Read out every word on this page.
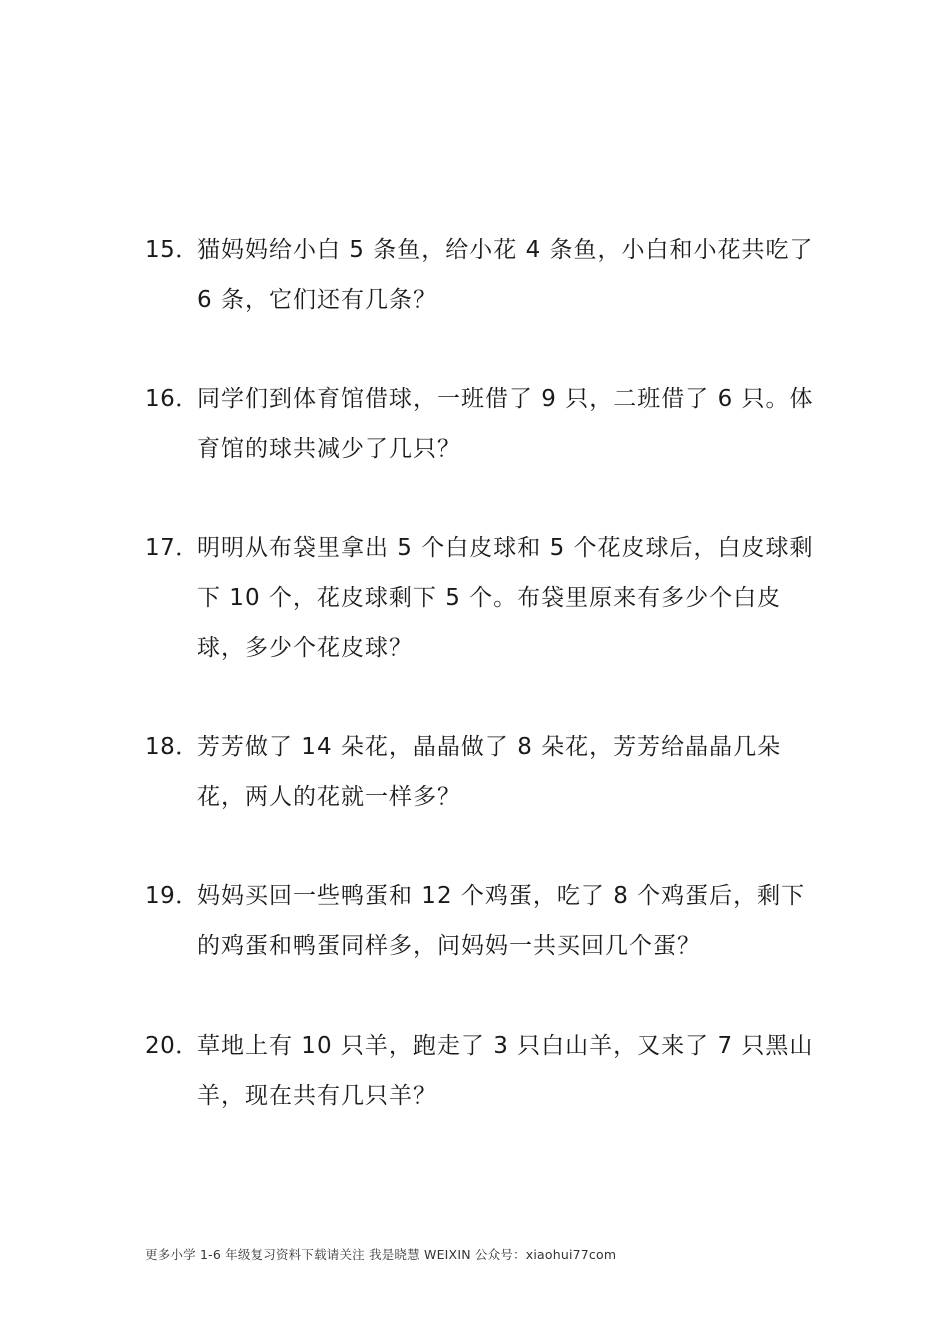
15．
猫妈妈给小白 5 条鱼，给小花 4 条鱼，小白和小花共吃了 6 条，它们还有几条？
16．
同学们到体育馆借球，一班借了 9 只，二班借了 6 只。体育馆的球共减少了几只？
17．
明明从布袋里拿出 5 个白皮球和 5 个花皮球后，白皮球剩下 10 个，花皮球剩下 5 个。布袋里原来有多少个白皮球，多少个花皮球？
18．
芳芳做了 14 朵花，晶晶做了 8 朵花，芳芳给晶晶几朵花，两人的花就一样多？
19．
妈妈买回一些鸭蛋和 12 个鸡蛋，吃了 8 个鸡蛋后，剩下的鸡蛋和鸭蛋同样多，问妈妈一共买回几个蛋？
20．
草地上有 10 只羊，跑走了 3 只白山羊，又来了 7 只黑山羊，现在共有几只羊？
更多小学 1-6 年级复习资料下载请关注 我是晓慧 WEIXIN 公众号：xiaohui77com
